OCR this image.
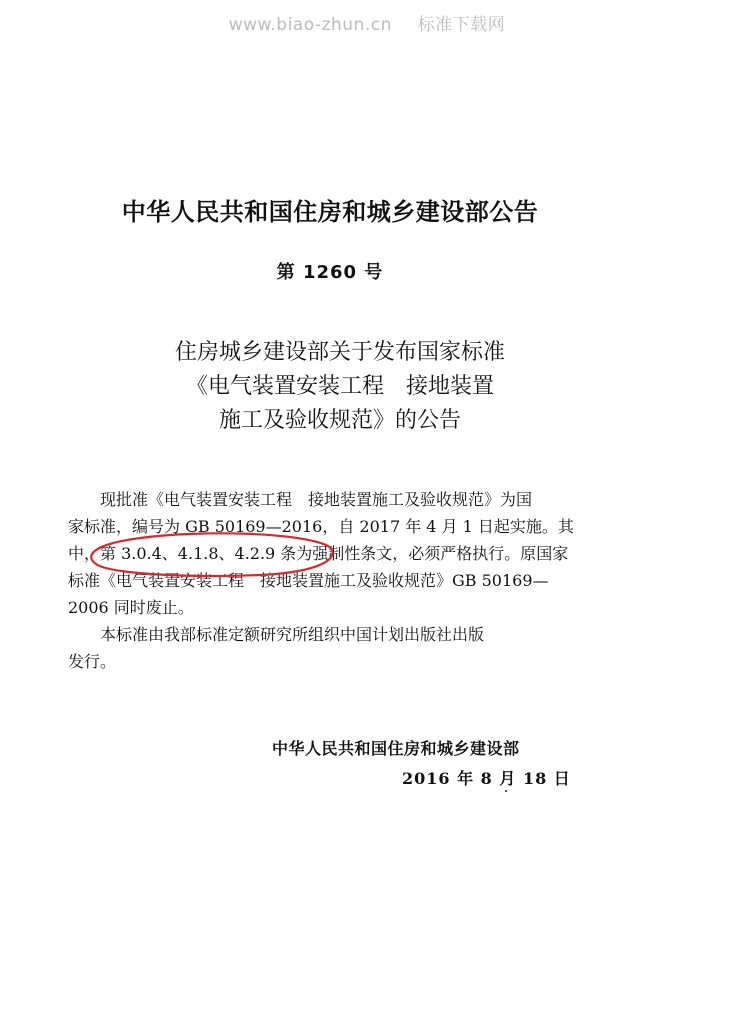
www.biao-zhun.cn 标准下载网
中华人民共和国住房和城乡建设部公告
第 1260 号
住房城乡建设部关于发布国家标准
《电气装置安装工程　接地装置
施工及验收规范》的公告

现批准《电气装置安装工程　接地装置施工及验收规范》为国

家标准，编号为 GB 50169—2016，自 2017 年 4 月 1 日起实施。其
中，第 3.0.4、4.1.8、4.2.9 条为强制性条文，必须严格执行。原国家
标准《电气装置安装工程　接地装置施工及验收规范》GB 50169—
2006 同时废止。

本标准由我部标准定额研究所组织中国计划出版社出版

发行。
中华人民共和国住房和城乡建设部
2016 年 8 月 18 日
